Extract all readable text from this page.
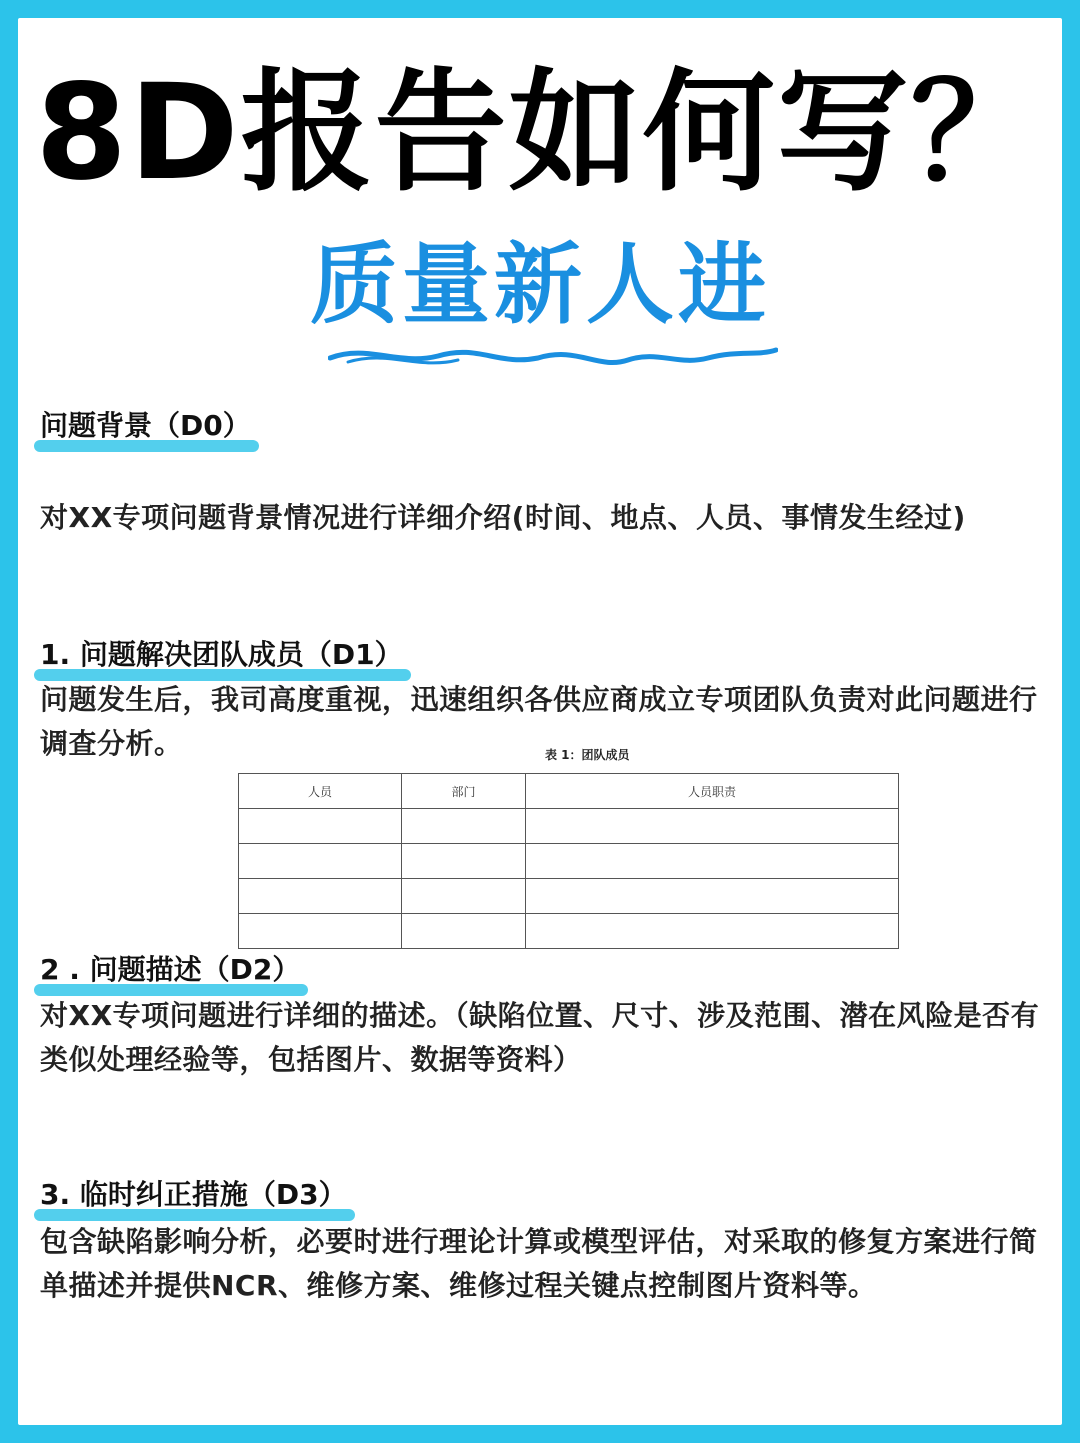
8D报告如何写？
质量新人进
问题背景（D0）
对XX专项问题背景情况进行详细介绍(时间、地点、人员、事情发生经过)
1. 问题解决团队成员（D1）
问题发生后，我司高度重视，迅速组织各供应商成立专项团队负责对此问题进行调查分析。	表 1：团队成员
人员	部门	人员职责

2 . 问题描述（D2）
对XX专项问题进行详细的描述。（缺陷位置、尺寸、涉及范围、潜在风险是否有类似处理经验等，包括图片、数据等资料）
3. 临时纠正措施（D3）
包含缺陷影响分析，必要时进行理论计算或模型评估，对采取的修复方案进行简单描述并提供NCR、维修方案、维修过程关键点控制图片资料等。
